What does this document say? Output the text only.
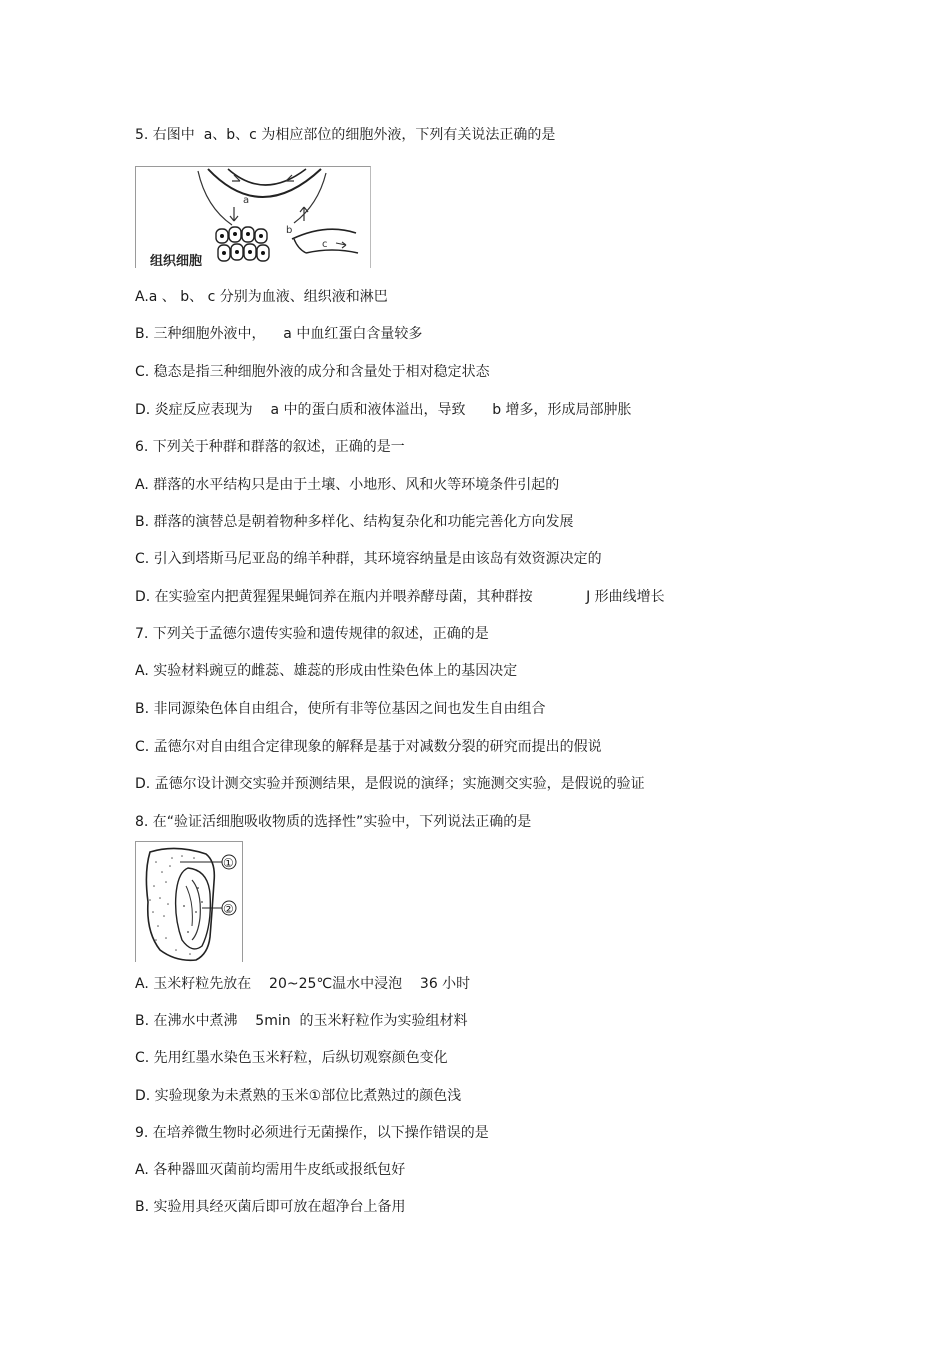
5. 右图中  a、b、c 为相应部位的细胞外液，下列有关说法正确的是
a
b
c
组织细胞
A.a 、 b、 c 分别为血液、组织液和淋巴
B. 三种细胞外液中，    a 中血红蛋白含量较多
C. 稳态是指三种细胞外液的成分和含量处于相对稳定状态
D. 炎症反应表现为    a 中的蛋白质和液体溢出，导致      b 增多，形成局部肿胀
6. 下列关于种群和群落的叙述，正确的是一
A. 群落的水平结构只是由于土壤、小地形、风和火等环境条件引起的
B. 群落的演替总是朝着物种多样化、结构复杂化和功能完善化方向发展
C. 引入到塔斯马尼亚岛的绵羊种群，其环境容纳量是由该岛有效资源决定的
D. 在实验室内把黄猩猩果蝇饲养在瓶内并喂养酵母菌，其种群按            J 形曲线增长
7. 下列关于孟德尔遗传实验和遗传规律的叙述，正确的是
A. 实验材料豌豆的雌蕊、雄蕊的形成由性染色体上的基因决定
B. 非同源染色体自由组合，使所有非等位基因之间也发生自由组合
C. 孟德尔对自由组合定律现象的解释是基于对减数分裂的研究而提出的假说
D. 孟德尔设计测交实验并预测结果，是假说的演绎；实施测交实验，是假说的验证
8. 在“验证活细胞吸收物质的选择性”实验中，下列说法正确的是
①
②
A. 玉米籽粒先放在    20~25℃温水中浸泡    36 小时
B. 在沸水中煮沸    5min  的玉米籽粒作为实验组材料
C. 先用红墨水染色玉米籽粒，后纵切观察颜色变化
D. 实验现象为未煮熟的玉米①部位比煮熟过的颜色浅
9. 在培养微生物时必须进行无菌操作，以下操作错误的是
A. 各种器皿灭菌前均需用牛皮纸或报纸包好
B. 实验用具经灭菌后即可放在超净台上备用
